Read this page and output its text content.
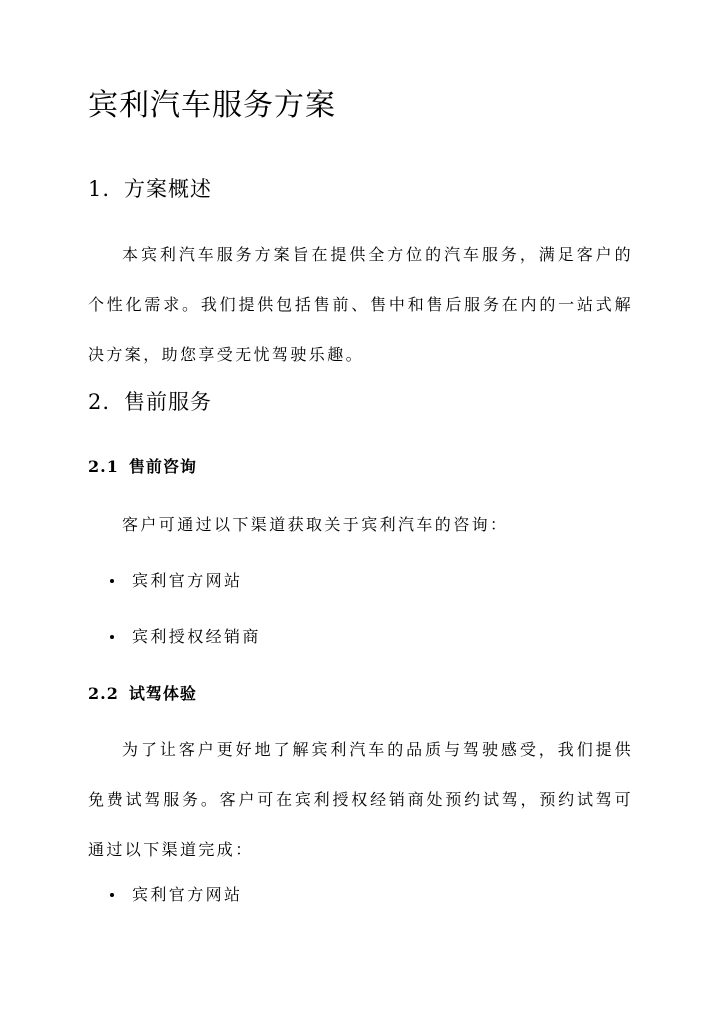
宾利汽车服务方案
1. 方案概述

本宾利汽车服务方案旨在提供全方位的汽车服务，满足客户的个性化需求。我们提供包括售前、售中和售后服务在内的一站式解决方案，助您享受无忧驾驶乐趣。

2. 售前服务
2.1 售前咨询

客户可通过以下渠道获取关于宾利汽车的咨询：

宾利官方网站
宾利授权经销商
2.2 试驾体验

为了让客户更好地了解宾利汽车的品质与驾驶感受，我们提供免费试驾服务。客户可在宾利授权经销商处预约试驾，预约试驾可通过以下渠道完成：

宾利官方网站
